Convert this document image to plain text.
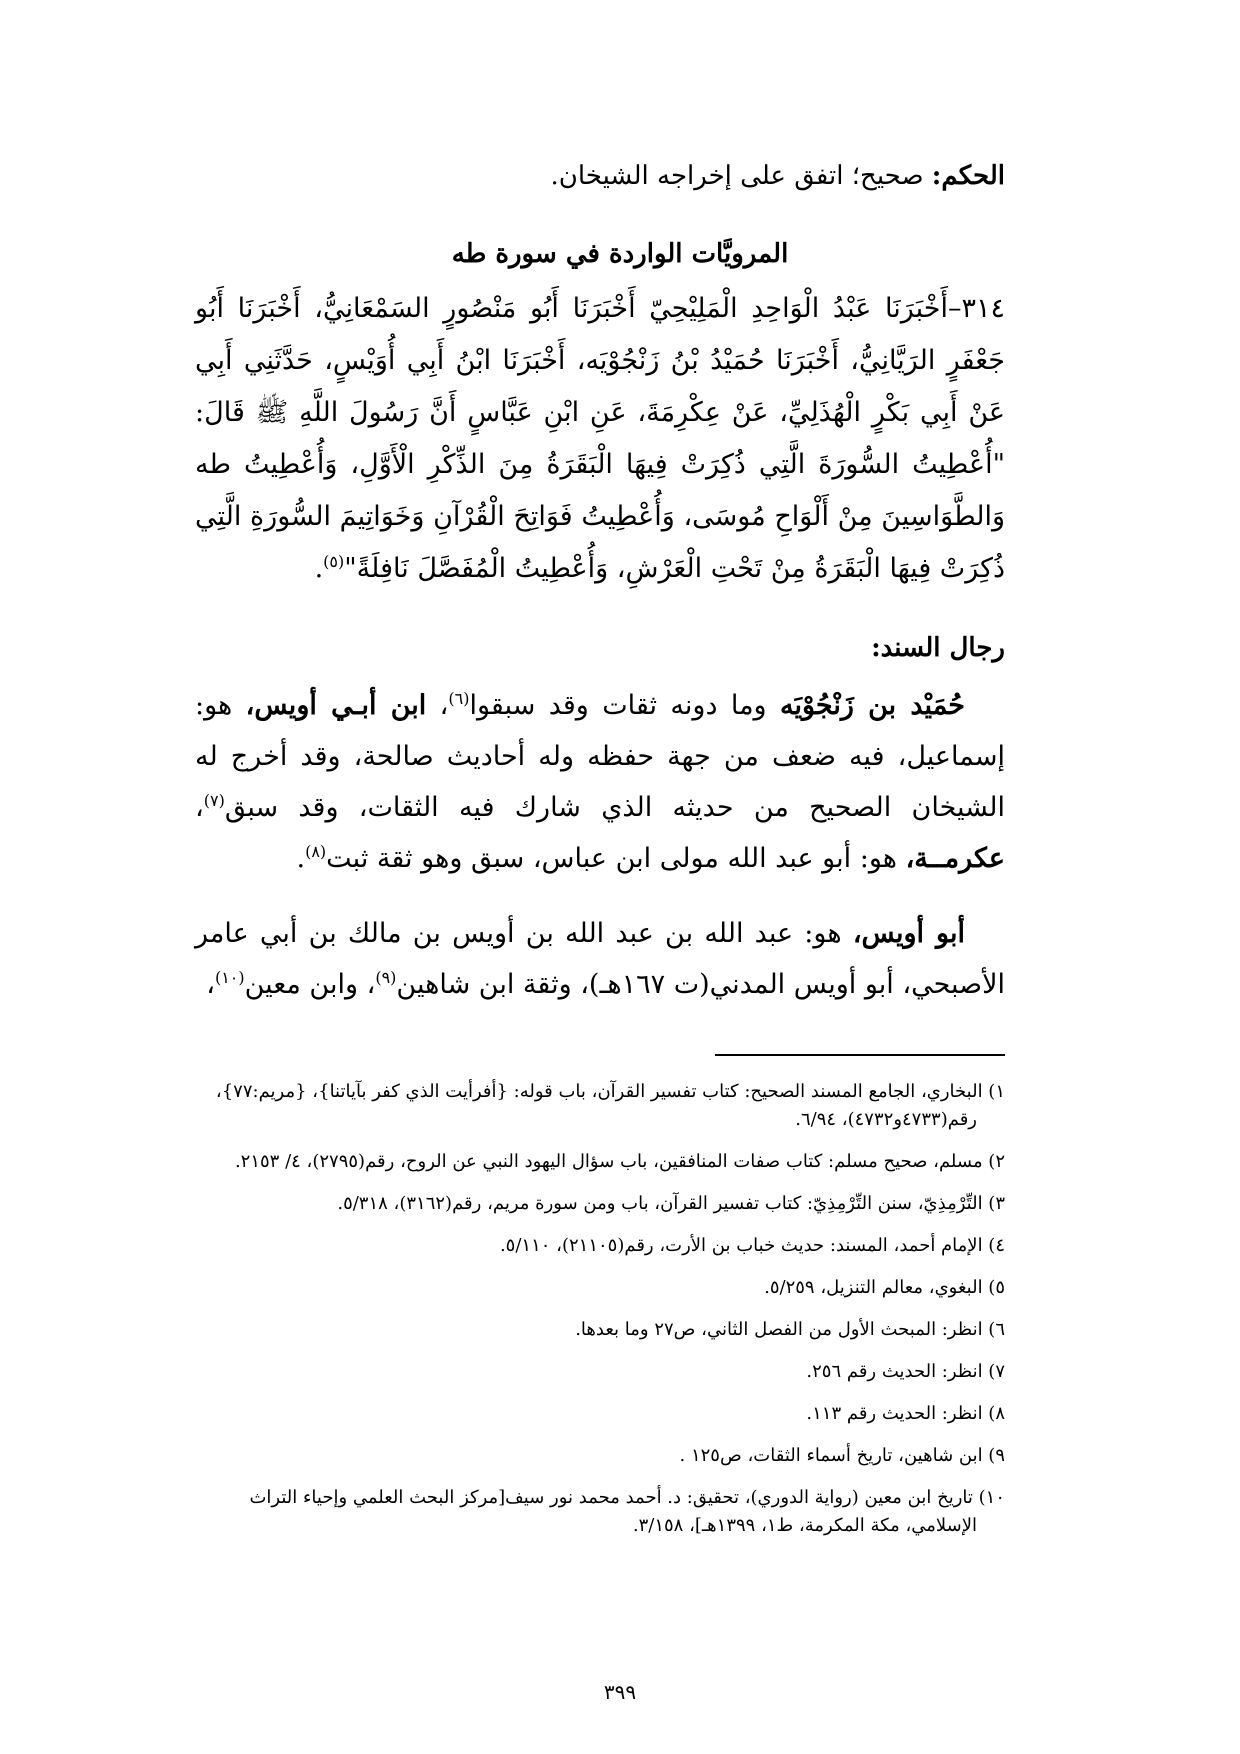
الحكم: صحيح؛ اتفق على إخراجه الشيخان.
المرويَّات الواردة في سورة طه
٣١٤–أَخْبَرَنَا عَبْدُ الْوَاحِدِ الْمَلِيْحِيّ أَخْبَرَنَا أَبُو مَنْصُورٍ السَمْعَانِيُّ، أَخْبَرَنَا أَبُو جَعْفَرٍ الرَيَّانِيُّ، أَخْبَرَنَا حُمَيْدُ بْنُ زَنْجُوْيَه، أَخْبَرَنَا ابْنُ أَبِي أُوَيْسٍ، حَدَّثَنِي أَبِي عَنْ أَبِي بَكْرٍ الْهُذَلِيِّ، عَنْ عِكْرِمَةَ، عَنِ ابْنِ عَبَّاسٍ أَنَّ رَسُولَ اللَّهِ ﷺ قَالَ: "أُعْطِيتُ السُّورَةَ الَّتِي ذُكِرَتْ فِيهَا الْبَقَرَةُ مِنَ الذِّكْرِ الْأَوَّلِ، وَأُعْطِيتُ طه وَالطَّوَاسِينَ مِنْ أَلْوَاحِ مُوسَى، وَأُعْطِيتُ فَوَاتِحَ الْقُرْآنِ وَخَوَاتِيمَ السُّورَةِ الَّتِي ذُكِرَتْ فِيهَا الْبَقَرَةُ مِنْ تَحْتِ الْعَرْشِ، وَأُعْطِيتُ الْمُفَصَّلَ نَافِلَةً"$^{(٥)}$.
رجال السند:

حُمَيْد بن زَنْجُوْيَه وما دونه ثقات وقد سبقوا$^{(٦)}$، ابن أبـي أويس، هو: إسماعيل، فيه ضعف من جهة حفظه وله أحاديث صالحة، وقد أخرج له الشيخان الصحيح من حديثه الذي شارك فيه الثقات، وقد سبق$^{(٧)}$، عكرمــة، هو: أبو عبد الله مولى ابن عباس، سبق وهو ثقة ثبت$^{(٨)}$.

أبو أويس، هو: عبد الله بن عبد الله بن أويس بن مالك بن أبي عامر الأصبحي، أبو أويس المدني(ت ١٦٧هـ)، وثقة ابن شاهين$^{(٩)}$، وابن معين$^{(١٠)}$،

١) البخاري، الجامع المسند الصحيح: كتاب تفسير القرآن، باب قوله: {أفرأيت الذي كفر بآياتنا}، {مريم:٧٧}،
رقم(٤٧٣٣و٤٧٣٢)، ٦/٩٤.
٢) مسلم، صحيح مسلم: كتاب صفات المنافقين، باب سؤال اليهود النبي عن الروح، رقم(٢٧٩٥)، ٤/ ٢١٥٣.
٣) التِّرْمِذِيّ، سنن التِّرْمِذِيّ: كتاب تفسير القرآن، باب ومن سورة مريم، رقم(٣١٦٢)، ٥/٣١٨.
٤) الإمام أحمد، المسند: حديث خباب بن الأرت، رقم(٢١١٠٥)، ٥/١١٠.
٥) البغوي، معالم التنزيل، ٥/٢٥٩.
٦) انظر: المبحث الأول من الفصل الثاني، ص٢٧ وما بعدها.
٧) انظر: الحديث رقم ٢٥٦.
٨) انظر: الحديث رقم ١١٣.
٩) ابن شاهين، تاريخ أسماء الثقات، ص١٢٥ .
١٠) تاريخ ابن معين (رواية الدوري)، تحقيق: د. أحمد محمد نور سيف[مركز البحث العلمي وإحياء التراث
الإسلامي، مكة المكرمة، ط١، ١٣٩٩هـ]، ٣/١٥٨.
٣٩٩
